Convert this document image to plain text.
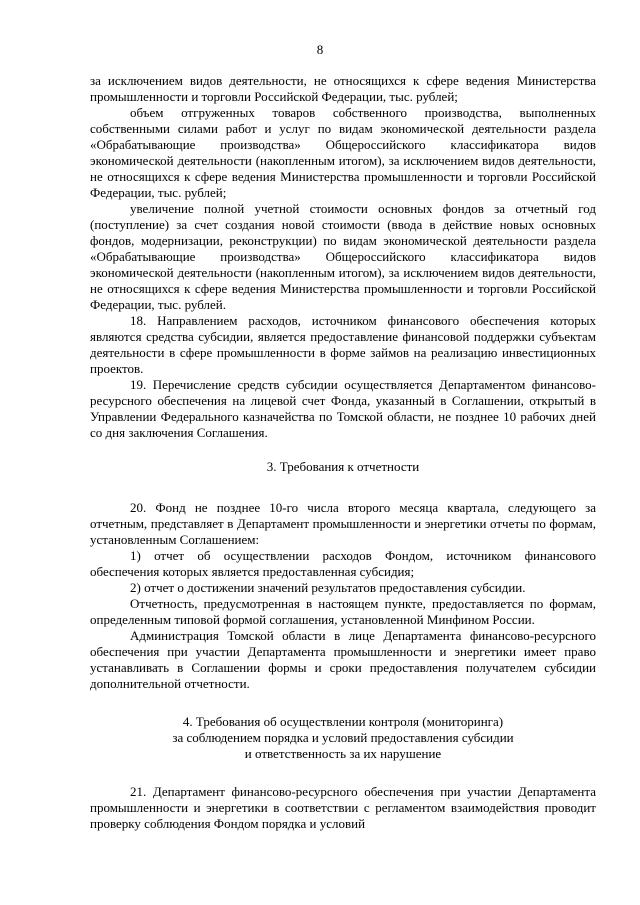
8

за исключением видов деятельности, не относящихся к сфере ведения Министерства промышленности и торговли Российской Федерации, тыс. рублей;

объем отгруженных товаров собственного производства, выполненных собственными силами работ и услуг по видам экономической деятельности раздела «Обрабатывающие производства» Общероссийского классификатора видов экономической деятельности (накопленным итогом), за исключением видов деятельности, не относящихся к сфере ведения Министерства промышленности и торговли Российской Федерации, тыс. рублей;

увеличение полной учетной стоимости основных фондов за отчетный год (поступление) за счет создания новой стоимости (ввода в действие новых основных фондов, модернизации, реконструкции) по видам экономической деятельности раздела «Обрабатывающие производства» Общероссийского классификатора видов экономической деятельности (накопленным итогом), за исключением видов деятельности, не относящихся к сфере ведения Министерства промышленности и торговли Российской Федерации, тыс. рублей.

18. Направлением расходов, источником финансового обеспечения которых являются средства субсидии, является предоставление финансовой поддержки субъектам деятельности в сфере промышленности в форме займов на реализацию инвестиционных проектов.

19. Перечисление средств субсидии осуществляется Департаментом финансово-ресурсного обеспечения на лицевой счет Фонда, указанный в Соглашении, открытый в Управлении Федерального казначейства по Томской области, не позднее 10 рабочих дней со дня заключения Соглашения.

3. Требования к отчетности

20. Фонд не позднее 10-го числа второго месяца квартала, следующего за отчетным, представляет в Департамент промышленности и энергетики отчеты по формам, установленным Соглашением:

1) отчет об осуществлении расходов Фондом, источником финансового обеспечения которых является предоставленная субсидия;

2) отчет о достижении значений результатов предоставления субсидии.

Отчетность, предусмотренная в настоящем пункте, предоставляется по формам, определенным типовой формой соглашения, установленной Минфином России.

Администрация Томской области в лице Департамента финансово-ресурсного обеспечения при участии Департамента промышленности и энергетики имеет право устанавливать в Соглашении формы и сроки предоставления получателем субсидии дополнительной отчетности.

4. Требования об осуществлении контроля (мониторинга)
за соблюдением порядка и условий предоставления субсидии
и ответственность за их нарушение

21. Департамент финансово-ресурсного обеспечения при участии Департамента промышленности и энергетики в соответствии с регламентом взаимодействия проводит проверку соблюдения Фондом порядка и условий
